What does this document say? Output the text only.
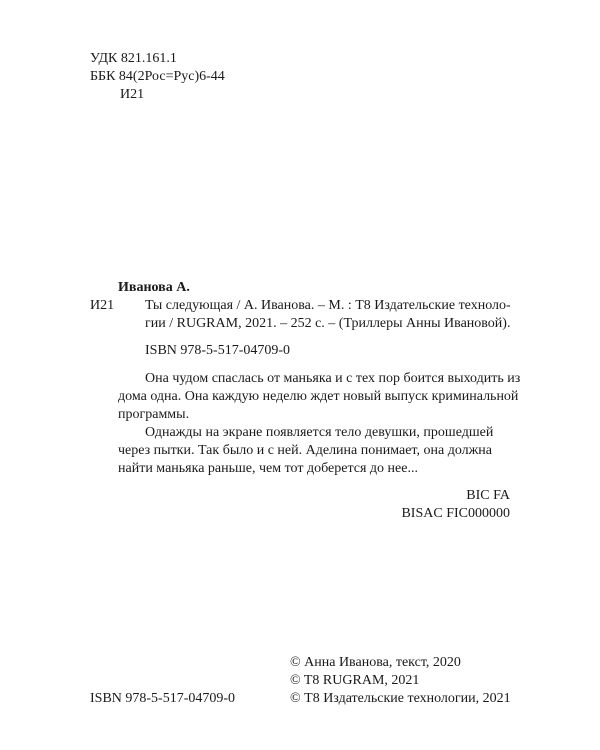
УДК 821.161.1
ББК 84(2Рос=Рус)6-44
И21
Иванова А.
И21 Ты следующая / А. Иванова. – М. : Т8 Издательские техноло-
гии / RUGRAM, 2021. – 252 с. – (Триллеры Анны Ивановой).
ISBN 978-5-517-04709-0
Она чудом спаслась от маньяка и с тех пор боится выходить из
дома одна. Она каждую неделю ждет новый выпуск криминальной
программы.
Однажды на экране появляется тело девушки, прошедшей
через пытки. Так было и с ней. Аделина понимает, она должна
найти маньяка раньше, чем тот доберется до нее...
BIC FA
BISAC FIC000000
© Анна Иванова, текст, 2020
© T8 RUGRAM, 2021
© Т8 Издательские технологии, 2021
ISBN 978-5-517-04709-0
